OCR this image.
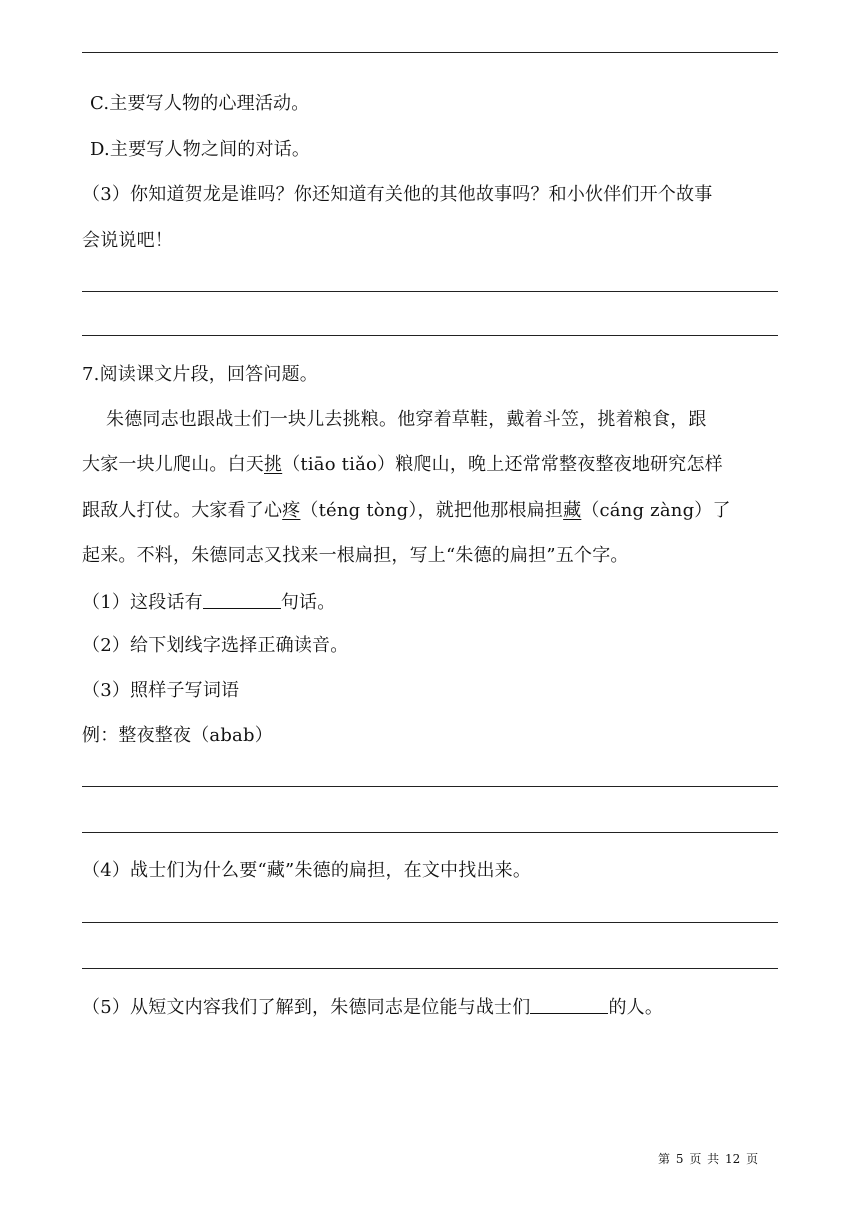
C.主要写人物的心理活动。
D.主要写人物之间的对话。
（3）你知道贺龙是谁吗？你还知道有关他的其他故事吗？和小伙伴们开个故事
会说说吧！
7.阅读课文片段，回答问题。
朱德同志也跟战士们一块儿去挑粮。他穿着草鞋，戴着斗笠，挑着粮食，跟
大家一块儿爬山。白天挑（tiāo tiǎo）粮爬山，晚上还常常整夜整夜地研究怎样
跟敌人打仗。大家看了心疼（téng tòng），就把他那根扁担藏（cáng zàng）了
起来。不料，朱德同志又找来一根扁担，写上“朱德的扁担”五个字。
（1）这段话有	句话。
（2）给下划线字选择正确读音。
（3）照样子写词语
例：整夜整夜（abab）
（4）战士们为什么要“藏”朱德的扁担，在文中找出来。
（5）从短文内容我们了解到，朱德同志是位能与战士们	的人。
第 5 页 共 12 页
